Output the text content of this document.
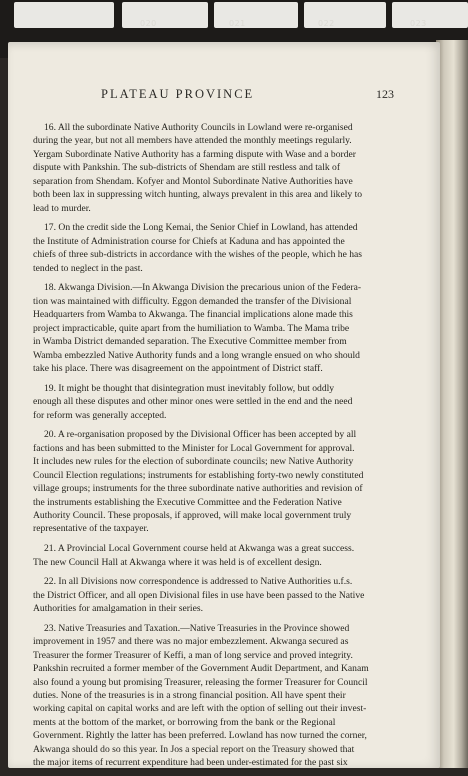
020	021	022	023
PLATEAU PROVINCE	123
16. All the subordinate Native Authority Councils in Lowland were re-organised
during the year, but not all members have attended the monthly meetings regularly.
Yergam Subordinate Native Authority has a farming dispute with Wase and a border
dispute with Pankshin. The sub-districts of Shendam are still restless and talk of
separation from Shendam. Kofyer and Montol Subordinate Native Authorities have
both been lax in suppressing witch hunting, always prevalent in this area and likely to
lead to murder.
17. On the credit side the Long Kemai, the Senior Chief in Lowland, has attended
the Institute of Administration course for Chiefs at Kaduna and has appointed the
chiefs of three sub-districts in accordance with the wishes of the people, which he has
tended to neglect in the past.
18. Akwanga Division.—In Akwanga Division the precarious union of the Federa-
tion was maintained with difficulty. Eggon demanded the transfer of the Divisional
Headquarters from Wamba to Akwanga. The financial implications alone made this
project impracticable, quite apart from the humiliation to Wamba. The Mama tribe
in Wamba District demanded separation. The Executive Committee member from
Wamba embezzled Native Authority funds and a long wrangle ensued on who should
take his place. There was disagreement on the appointment of District staff.
19. It might be thought that disintegration must inevitably follow, but oddly
enough all these disputes and other minor ones were settled in the end and the need
for reform was generally accepted.
20. A re-organisation proposed by the Divisional Officer has been accepted by all
factions and has been submitted to the Minister for Local Government for approval.
It includes new rules for the election of subordinate councils; new Native Authority
Council Election regulations; instruments for establishing forty-two newly constituted
village groups; instruments for the three subordinate native authorities and revision of
the instruments establishing the Executive Committee and the Federation Native
Authority Council. These proposals, if approved, will make local government truly
representative of the taxpayer.
21. A Provincial Local Government course held at Akwanga was a great success.
The new Council Hall at Akwanga where it was held is of excellent design.
22. In all Divisions now correspondence is addressed to Native Authorities u.f.s.
the District Officer, and all open Divisional files in use have been passed to the Native
Authorities for amalgamation in their series.
23. Native Treasuries and Taxation.—Native Treasuries in the Province showed
improvement in 1957 and there was no major embezzlement. Akwanga secured as
Treasurer the former Treasurer of Keffi, a man of long service and proved integrity.
Pankshin recruited a former member of the Government Audit Department, and Kanam
also found a young but promising Treasurer, releasing the former Treasurer for Council
duties. None of the treasuries is in a strong financial position. All have spent their
working capital on capital works and are left with the option of selling out their invest-
ments at the bottom of the market, or borrowing from the bank or the Regional
Government. Rightly the latter has been preferred. Lowland has now turned the corner,
Akwanga should do so this year. In Jos a special report on the Treasury showed that
the major items of recurrent expenditure had been under-estimated for the past six
